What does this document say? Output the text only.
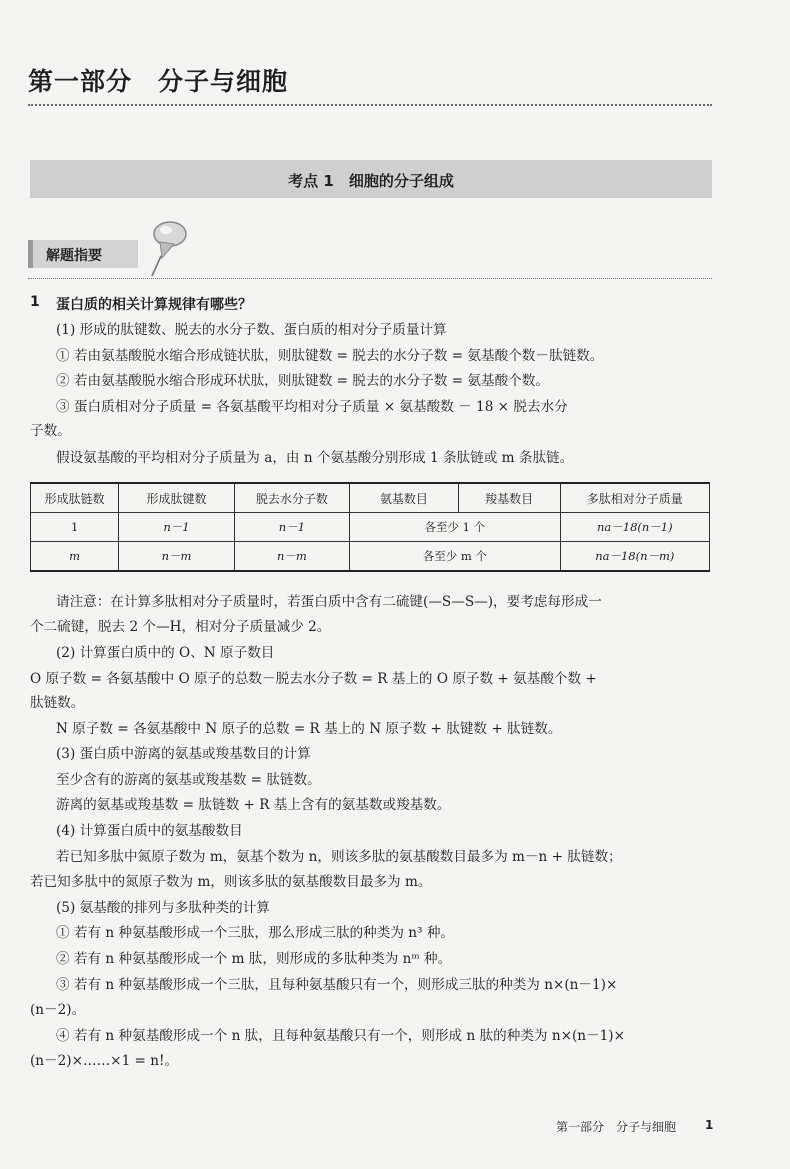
第一部分　分子与细胞
考点 1　细胞的分子组成
解题指要
1 蛋白质的相关计算规律有哪些？
(1) 形成的肽键数、脱去的水分子数、蛋白质的相对分子质量计算
① 若由氨基酸脱水缩合形成链状肽，则肽键数 = 脱去的水分子数 = 氨基酸个数－肽链数。
② 若由氨基酸脱水缩合形成环状肽，则肽键数 = 脱去的水分子数 = 氨基酸个数。
③ 蛋白质相对分子质量 = 各氨基酸平均相对分子质量 × 氨基酸数 － 18 × 脱去水分
子数。
假设氨基酸的平均相对分子质量为 a，由 n 个氨基酸分别形成 1 条肽链或 m 条肽链。
形成肽链数	形成肽键数	脱去水分子数	氨基数目	羧基数目	多肽相对分子质量
1	n－1	n－1	各至少 1 个		na－18(n－1)
m	n－m	n－m	各至少 m 个		na－18(n－m)
请注意：在计算多肽相对分子质量时，若蛋白质中含有二硫键(—S—S—)，要考虑每形成一
个二硫键，脱去 2 个—H，相对分子质量减少 2。
(2) 计算蛋白质中的 O、N 原子数目
O 原子数 = 各氨基酸中 O 原子的总数－脱去水分子数 = R 基上的 O 原子数 + 氨基酸个数 +
肽链数。
N 原子数 = 各氨基酸中 N 原子的总数 = R 基上的 N 原子数 + 肽键数 + 肽链数。
(3) 蛋白质中游离的氨基或羧基数目的计算
至少含有的游离的氨基或羧基数 = 肽链数。
游离的氨基或羧基数 = 肽链数 + R 基上含有的氨基数或羧基数。
(4) 计算蛋白质中的氨基酸数目
若已知多肽中氮原子数为 m，氨基个数为 n，则该多肽的氨基酸数目最多为 m－n + 肽链数；
若已知多肽中的氮原子数为 m，则该多肽的氨基酸数目最多为 m。
(5) 氨基酸的排列与多肽种类的计算
① 若有 n 种氨基酸形成一个三肽，那么形成三肽的种类为 n³ 种。
② 若有 n 种氨基酸形成一个 m 肽，则形成的多肽种类为 nᵐ 种。
③ 若有 n 种氨基酸形成一个三肽，且每种氨基酸只有一个，则形成三肽的种类为 n×(n－1)×
(n－2)。
④ 若有 n 种氨基酸形成一个 n 肽，且每种氨基酸只有一个，则形成 n 肽的种类为 n×(n－1)×
(n－2)×……×1 = n!。
第一部分　分子与细胞 1
